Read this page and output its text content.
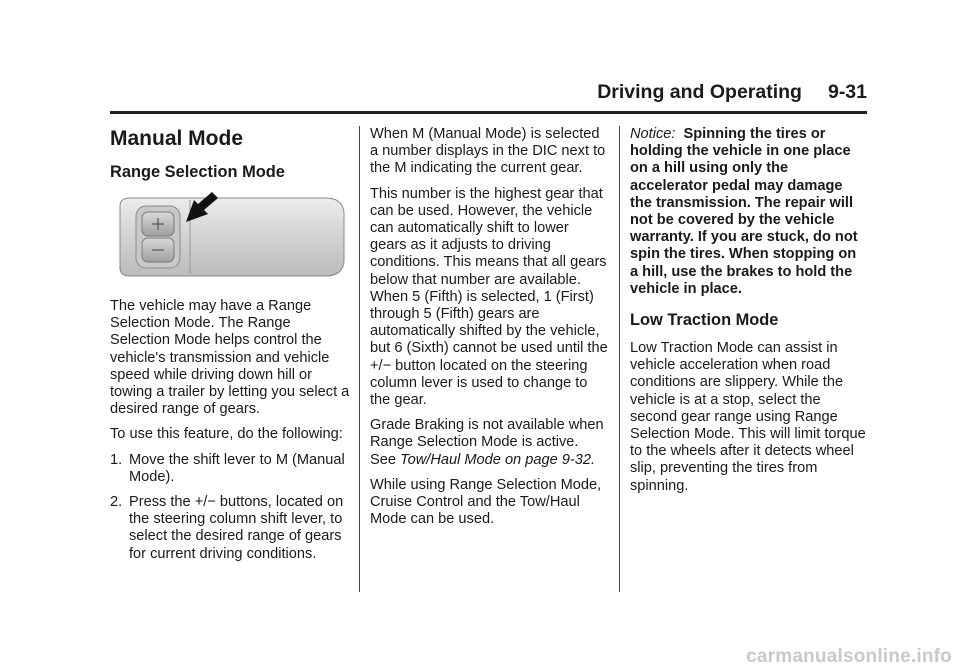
Driving and Operating 9-31
Manual Mode
Range Selection Mode

The vehicle may have a Range Selection Mode. The Range Selection Mode helps control the vehicle's transmission and vehicle speed while driving down hill or towing a trailer by letting you select a desired range of gears.

To use this feature, do the following:

1. Move the shift lever to M (Manual Mode).
2. Press the +/− buttons, located on the steering column shift lever, to select the desired range of gears for current driving conditions.

When M (Manual Mode) is selected a number displays in the DIC next to the M indicating the current gear.

This number is the highest gear that can be used. However, the vehicle can automatically shift to lower gears as it adjusts to driving conditions. This means that all gears below that number are available. When 5 (Fifth) is selected, 1 (First) through 5 (Fifth) gears are automatically shifted by the vehicle, but 6 (Sixth) cannot be used until the +/− button located on the steering column lever is used to change to the gear.

Grade Braking is not available when Range Selection Mode is active. See Tow/Haul Mode on page 9-32.

While using Range Selection Mode, Cruise Control and the Tow/Haul Mode can be used.

Notice: Spinning the tires or holding the vehicle in one place on a hill using only the accelerator pedal may damage the transmission. The repair will not be covered by the vehicle warranty. If you are stuck, do not spin the tires. When stopping on a hill, use the brakes to hold the vehicle in place.

Low Traction Mode

Low Traction Mode can assist in vehicle acceleration when road conditions are slippery. While the vehicle is at a stop, select the second gear range using Range Selection Mode. This will limit torque to the wheels after it detects wheel slip, preventing the tires from spinning.

carmanualsonline.info
